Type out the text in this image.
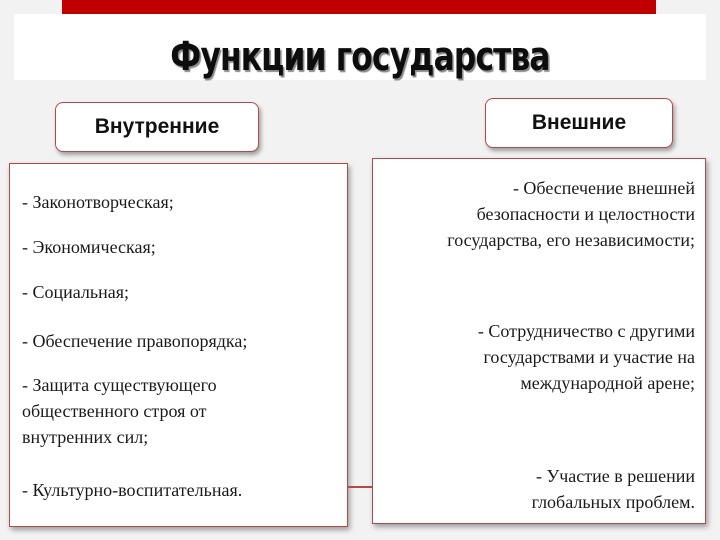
Функции государства
Внутренние	Внешние

- Законотворческая;

- Экономическая;

- Социальная;

- Обеспечение правопорядка;

- Защита существующего общественного строя от внутренних сил;

- Культурно-воспитательная.

- Обеспечение внешней безопасности и целостности государства, его независимости;

- Сотрудничество с другими государствами и участие на международной арене;

- Участие в решении глобальных проблем.
